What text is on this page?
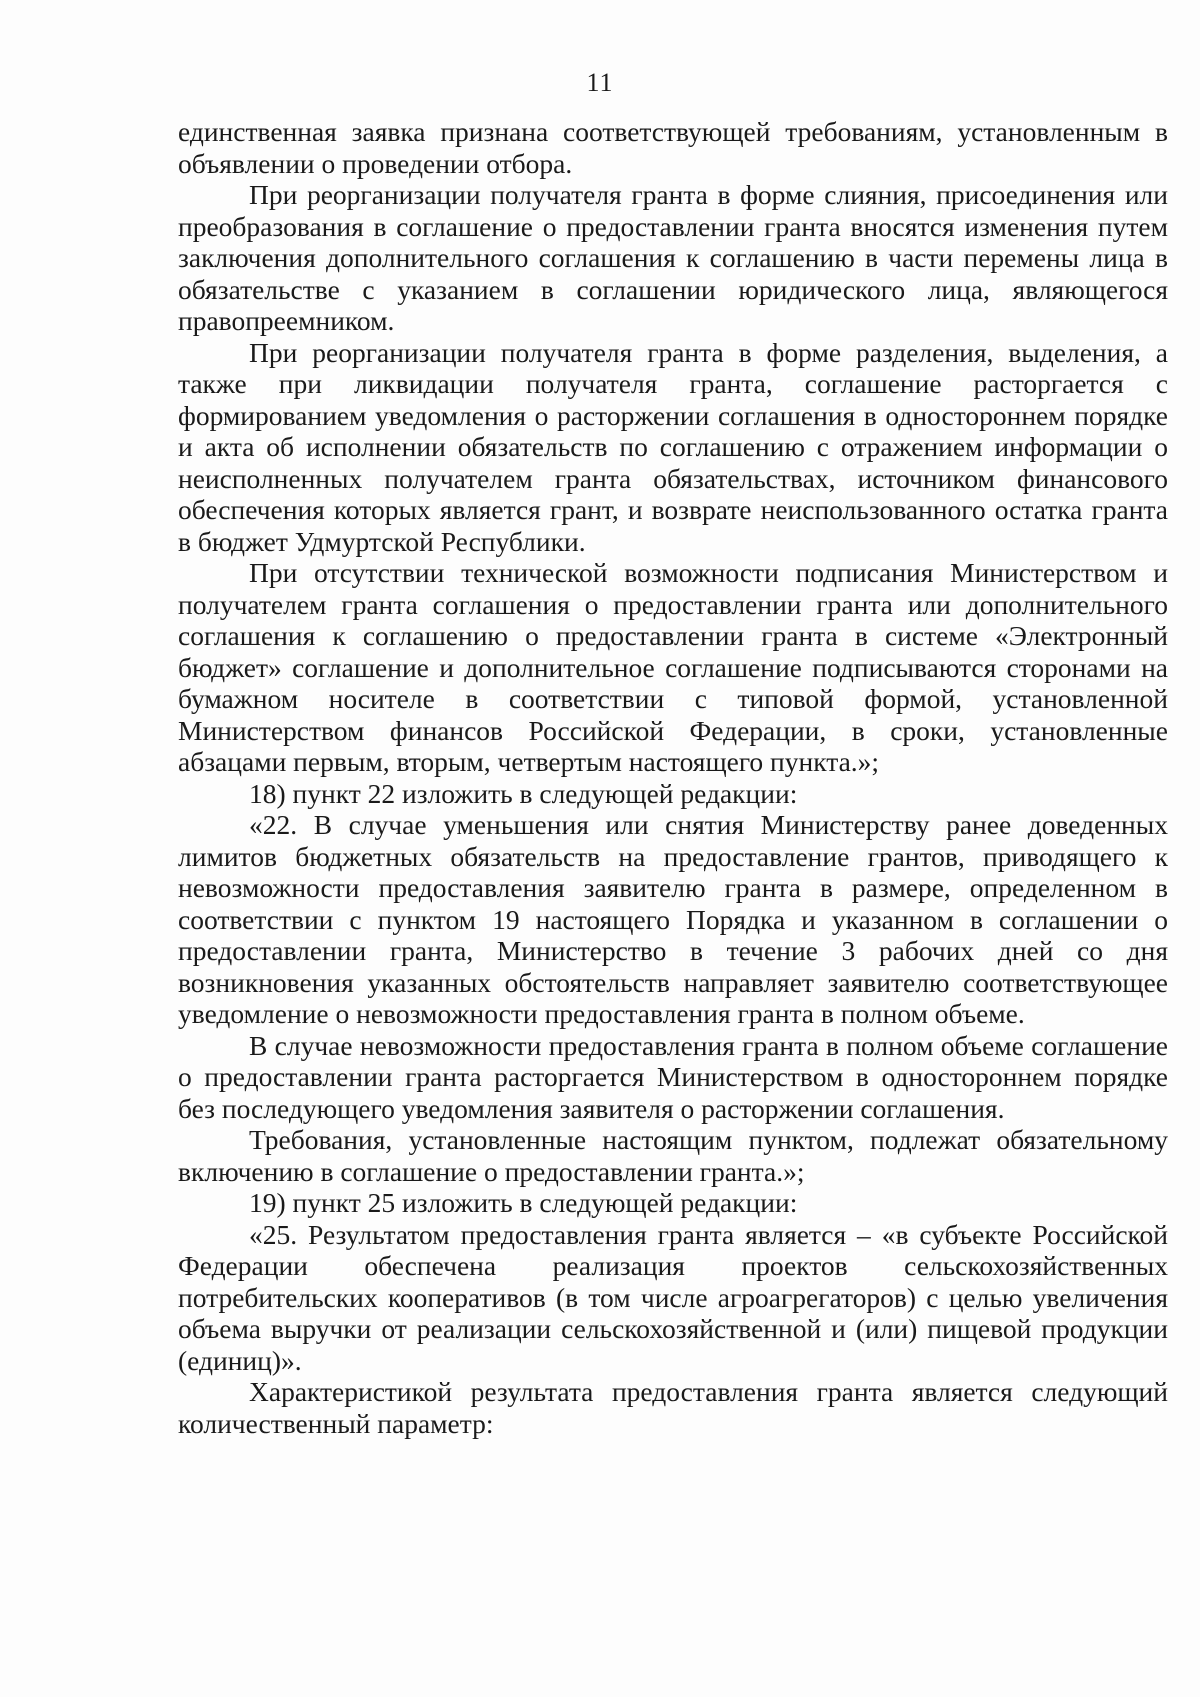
11

единственная заявка признана соответствующей требованиям, установленным в объявлении о проведении отбора.

При реорганизации получателя гранта в форме слияния, присоединения или преобразования в соглашение о предоставлении гранта вносятся изменения путем заключения дополнительного соглашения к соглашению в части перемены лица в обязательстве с указанием в соглашении юридического лица, являющегося правопреемником.

При реорганизации получателя гранта в форме разделения, выделения, а также при ликвидации получателя гранта, соглашение расторгается с формированием уведомления о расторжении соглашения в одностороннем порядке и акта об исполнении обязательств по соглашению с отражением информации о неисполненных получателем гранта обязательствах, источником финансового обеспечения которых является грант, и возврате неиспользованного остатка гранта в бюджет Удмуртской Республики.

При отсутствии технической возможности подписания Министерством и получателем гранта соглашения о предоставлении гранта или дополнительного соглашения к соглашению о предоставлении гранта в системе «Электронный бюджет» соглашение и дополнительное соглашение подписываются сторонами на бумажном носителе в соответствии с типовой формой, установленной Министерством финансов Российской Федерации, в сроки, установленные абзацами первым, вторым, четвертым настоящего пункта.»;

18) пункт 22 изложить в следующей редакции:

«22. В случае уменьшения или снятия Министерству ранее доведенных лимитов бюджетных обязательств на предоставление грантов, приводящего к невозможности предоставления заявителю гранта в размере, определенном в соответствии с пунктом 19 настоящего Порядка и указанном в соглашении о предоставлении гранта, Министерство в течение 3 рабочих дней со дня возникновения указанных обстоятельств направляет заявителю соответствующее уведомление о невозможности предоставления гранта в полном объеме.

В случае невозможности предоставления гранта в полном объеме соглашение о предоставлении гранта расторгается Министерством в одностороннем порядке без последующего уведомления заявителя о расторжении соглашения.

Требования, установленные настоящим пунктом, подлежат обязательному включению в соглашение о предоставлении гранта.»;

19) пункт 25 изложить в следующей редакции:

«25. Результатом предоставления гранта является – «в субъекте Российской Федерации обеспечена реализация проектов сельскохозяйственных потребительских кооперативов (в том числе агроагрегаторов) с целью увеличения объема выручки от реализации сельскохозяйственной и (или) пищевой продукции (единиц)».

Характеристикой результата предоставления гранта является следующий количественный параметр:
